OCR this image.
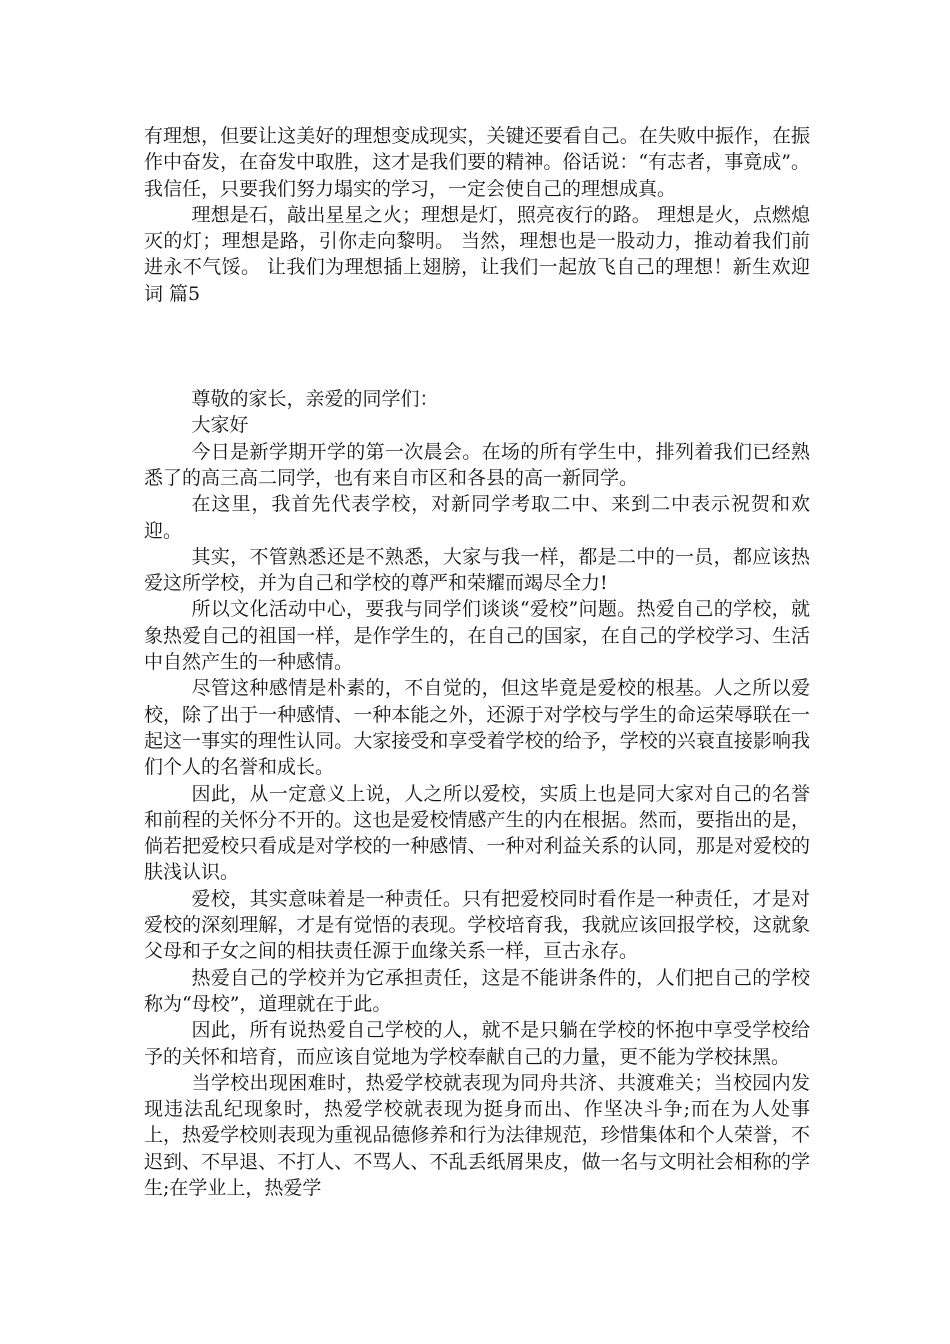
有理想，但要让这美好的理想变成现实，关键还要看自己。在失败中振作，在振作中奋发，在奋发中取胜，这才是我们要的精神。俗话说：“有志者，事竟成”。我信任，只要我们努力塌实的学习，一定会使自己的理想成真。

理想是石，敲出星星之火；理想是灯，照亮夜行的路。 理想是火，点燃熄灭的灯；理想是路，引你走向黎明。 当然，理想也是一股动力，推动着我们前进永不气馁。 让我们为理想插上翅膀，让我们一起放飞自己的理想！新生欢迎词 篇5

尊敬的家长，亲爱的同学们：

大家好

今日是新学期开学的第一次晨会。在场的所有学生中，排列着我们已经熟悉了的高三高二同学，也有来自市区和各县的高一新同学。

在这里，我首先代表学校，对新同学考取二中、来到二中表示祝贺和欢迎。

其实，不管熟悉还是不熟悉，大家与我一样，都是二中的一员，都应该热爱这所学校，并为自己和学校的尊严和荣耀而竭尽全力!

所以文化活动中心，要我与同学们谈谈“爱校”问题。热爱自己的学校，就象热爱自己的祖国一样，是作学生的，在自己的国家，在自己的学校学习、生活中自然产生的一种感情。

尽管这种感情是朴素的，不自觉的，但这毕竟是爱校的根基。人之所以爱校，除了出于一种感情、一种本能之外，还源于对学校与学生的命运荣辱联在一起这一事实的理性认同。大家接受和享受着学校的给予，学校的兴衰直接影响我们个人的名誉和成长。

因此，从一定意义上说，人之所以爱校，实质上也是同大家对自己的名誉和前程的关怀分不开的。这也是爱校情感产生的内在根据。然而，要指出的是，倘若把爱校只看成是对学校的一种感情、一种对利益关系的认同，那是对爱校的肤浅认识。

爱校，其实意味着是一种责任。只有把爱校同时看作是一种责任，才是对爱校的深刻理解，才是有觉悟的表现。学校培育我，我就应该回报学校，这就象父母和子女之间的相扶责任源于血缘关系一样，亘古永存。

热爱自己的学校并为它承担责任，这是不能讲条件的，人们把自己的学校称为“母校”，道理就在于此。

因此，所有说热爱自己学校的人，就不是只躺在学校的怀抱中享受学校给予的关怀和培育，而应该自觉地为学校奉献自己的力量，更不能为学校抹黑。

当学校出现困难时，热爱学校就表现为同舟共济、共渡难关；当校园内发现违法乱纪现象时，热爱学校就表现为挺身而出、作坚决斗争;而在为人处事上，热爱学校则表现为重视品德修养和行为法律规范，珍惜集体和个人荣誉，不迟到、不早退、不打人、不骂人、不乱丢纸屑果皮，做一名与文明社会相称的学生;在学业上，热爱学
